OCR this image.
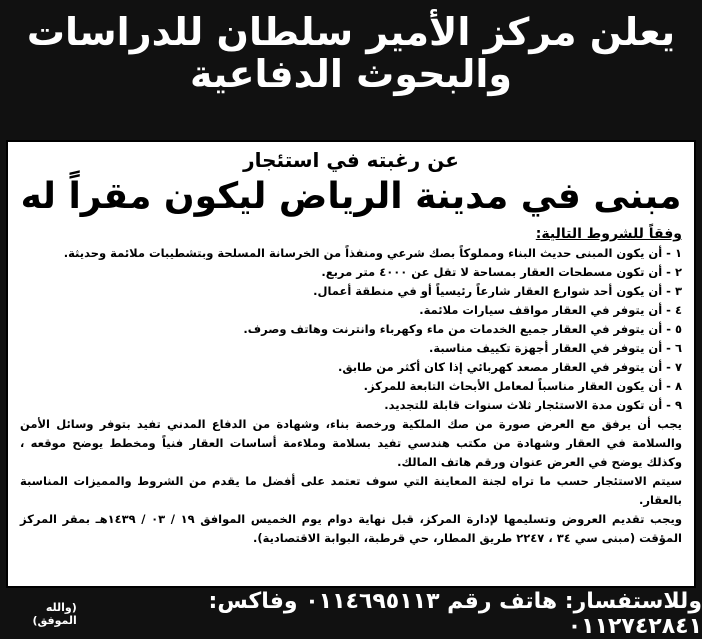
يعلن مركز الأمير سلطان للدراسات
والبحوث الدفاعية
عن رغبته في استئجار
مبنى في مدينة الرياض ليكون مقراً له
وفقاً للشروط التالية:
١ - أن يكون المبنى حديث البناء ومملوكاً بصك شرعي ومنفذاً من الخرسانة المسلحة وبتشطيبات ملائمة وحديثة.
٢ - أن تكون مسطحات العقار بمساحة لا تقل عن ٤٠٠٠ متر مربع.
٣ - أن يكون أحد شوارع العقار شارعاً رئيسياً أو في منطقة أعمال.
٤ - أن يتوفر في العقار مواقف سيارات ملائمة.
٥ - أن يتوفر في العقار جميع الخدمات من ماء وكهرباء وانترنت وهاتف وصرف.
٦ - أن يتوفر في العقار أجهزة تكييف مناسبة.
٧ - أن يتوفر في العقار مصعد كهربائي إذا كان أكثر من طابق.
٨ - أن يكون العقار مناسباً لمعامل الأبحاث التابعة للمركز.
٩ - أن تكون مدة الاستئجار ثلاث سنوات قابلة للتجديد.
يجب أن يرفق مع العرض صورة من صك الملكية ورخصة بناء، وشهادة من الدفاع المدني تفيد بتوفر وسائل الأمن والسلامة في العقار وشهادة من مكتب هندسي تفيد بسلامة وملاءمة أساسات العقار فنياً ومخطط يوضح موقعه ، وكذلك يوضح في العرض عنوان ورقم هاتف المالك.
سيتم الاستئجار حسب ما تراه لجنة المعاينة التي سوف تعتمد على أفضل ما يقدم من الشروط والمميزات المناسبة بالعقار.
ويجب تقديم العروض وتسليمها لإدارة المركز، قبل نهاية دوام يوم الخميس الموافق ١٩ / ٠٣ / ١٤٣٩هـ بمقر المركز المؤقت (مبنى سي ٣٤ ، ٢٢٤٧ طريق المطار، حي قرطبة، البوابة الاقتصادية).
وللاستفسار: هاتف رقم ٠١١٤٦٩٥١١٣ وفاكس: ٠١١٢٧٤٢٨٤١
(والله الموفق)
